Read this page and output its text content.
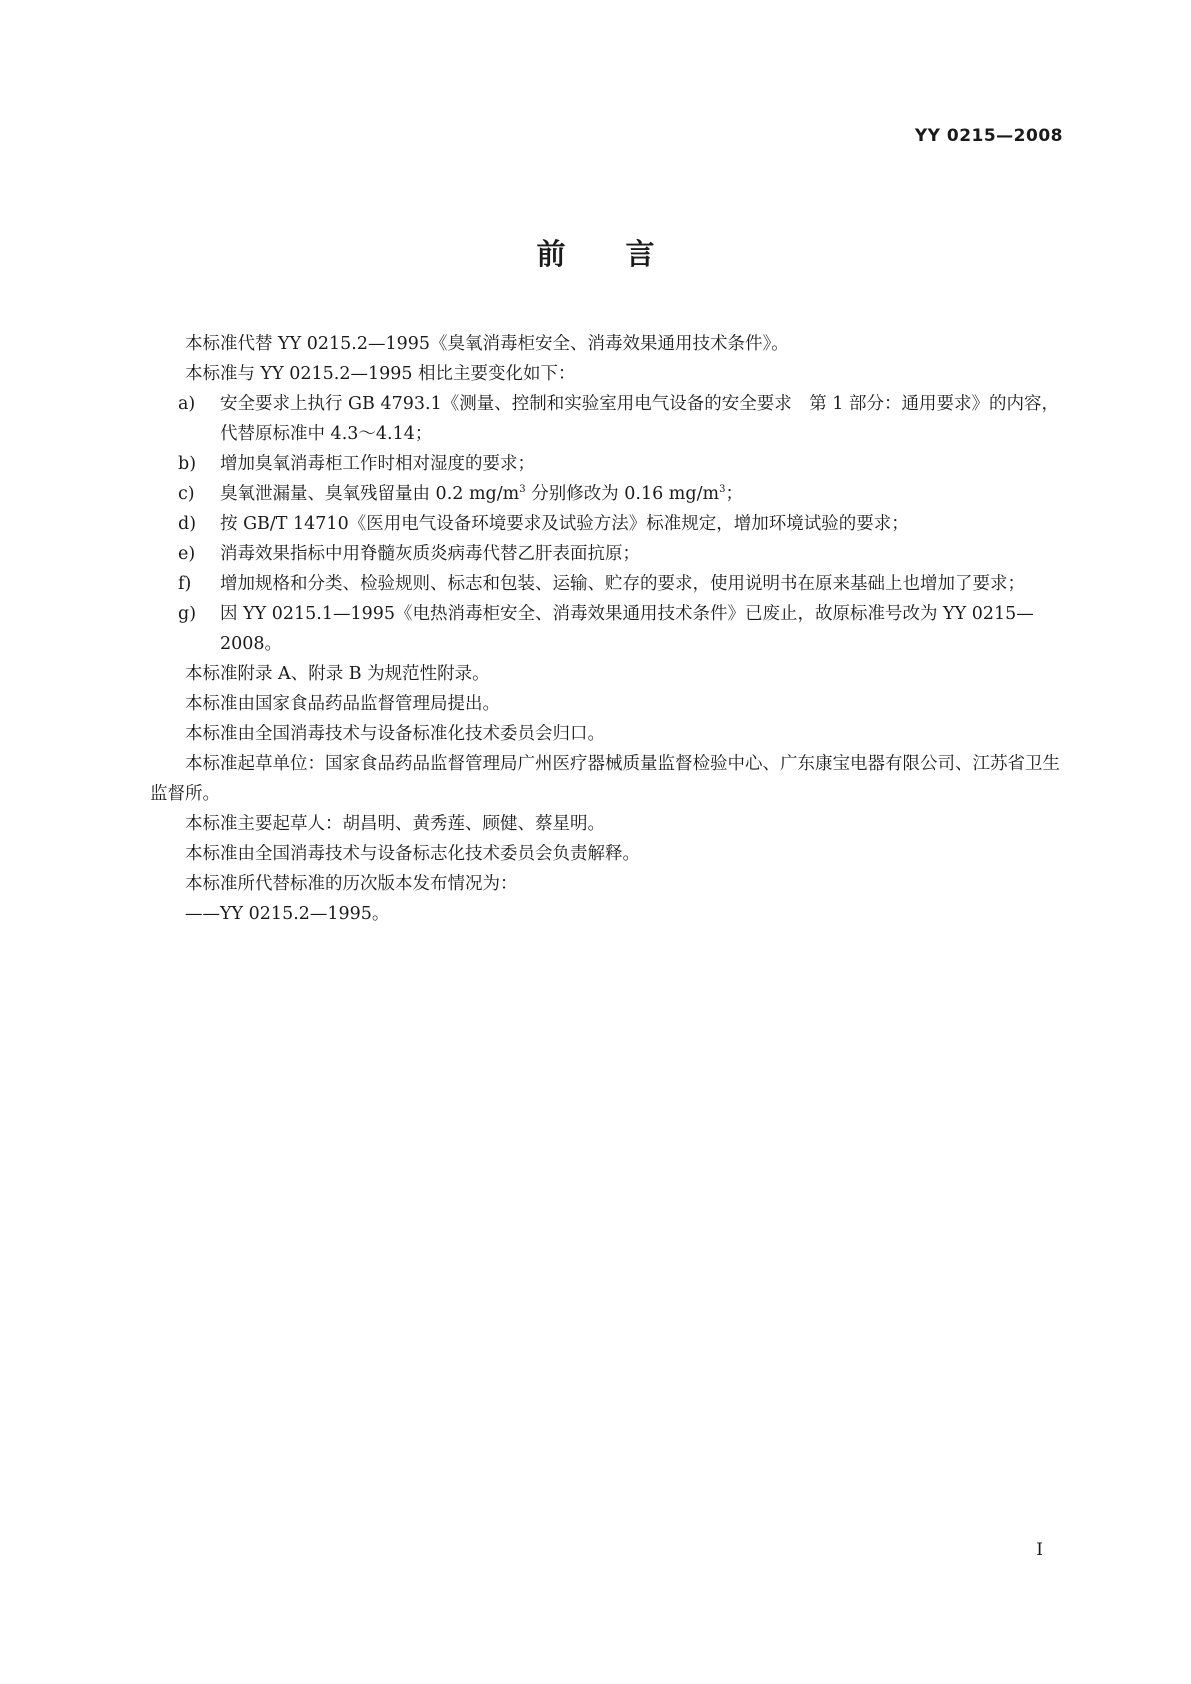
YY 0215—2008
前言

本标准代替 YY 0215.2—1995《臭氧消毒柜安全、消毒效果通用技术条件》。

本标准与 YY 0215.2—1995 相比主要变化如下：

a) 安全要求上执行 GB 4793.1《测量、控制和实验室用电气设备的安全要求　第 1 部分：通用要求》的内容，代替原标准中 4.3～4.14；

b) 增加臭氧消毒柜工作时相对湿度的要求；

c) 臭氧泄漏量、臭氧残留量由 0.2 $mg/m^3$ 分别修改为 0.16 $mg/m^3$；

d) 按 GB/T 14710《医用电气设备环境要求及试验方法》标准规定，增加环境试验的要求；

e) 消毒效果指标中用脊髓灰质炎病毒代替乙肝表面抗原；

f) 增加规格和分类、检验规则、标志和包装、运输、贮存的要求，使用说明书在原来基础上也增加了要求；

g) 因 YY 0215.1—1995《电热消毒柜安全、消毒效果通用技术条件》已废止，故原标准号改为 YY 0215—2008。

本标准附录 A、附录 B 为规范性附录。

本标准由国家食品药品监督管理局提出。

本标准由全国消毒技术与设备标准化技术委员会归口。

本标准起草单位：国家食品药品监督管理局广州医疗器械质量监督检验中心、广东康宝电器有限公司、江苏省卫生监督所。

本标准主要起草人：胡昌明、黄秀莲、顾健、蔡星明。

本标准由全国消毒技术与设备标志化技术委员会负责解释。

本标准所代替标准的历次版本发布情况为：

——YY 0215.2—1995。

I
